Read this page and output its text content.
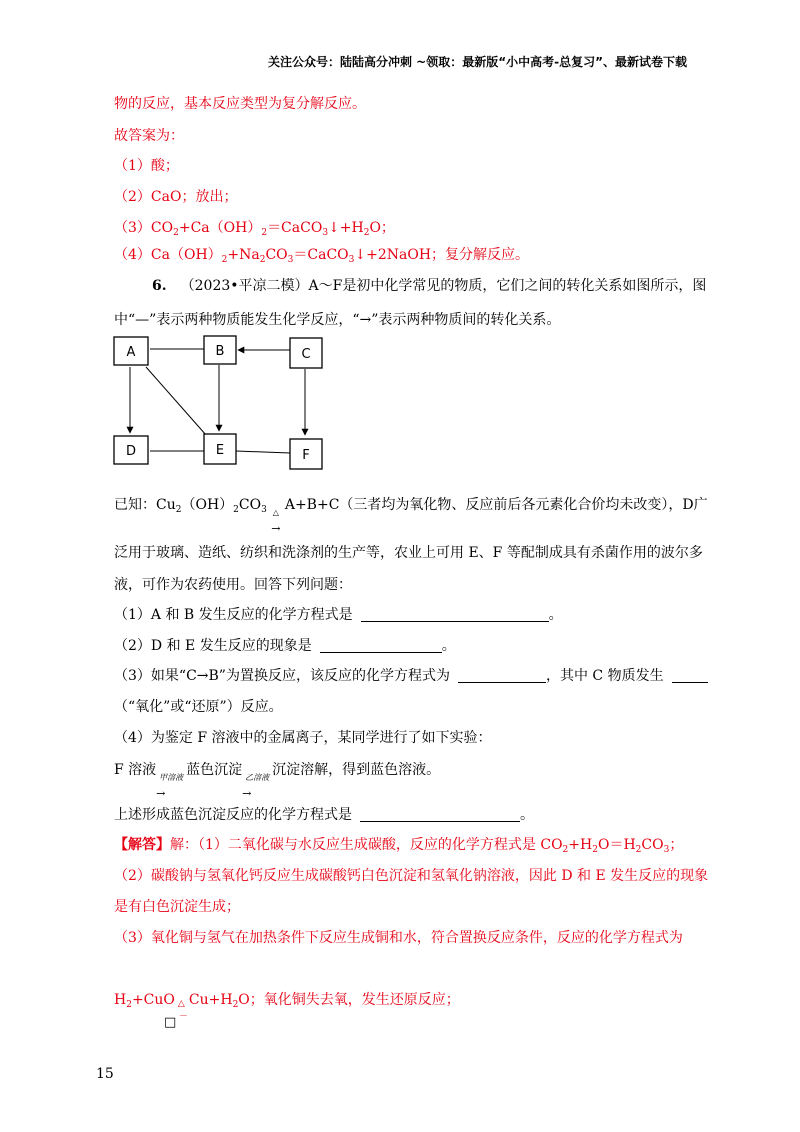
关注公众号：陆陆高分冲刺 ~领取：最新版“小中高考-总复习”、最新试卷下载
物的反应，基本反应类型为复分解反应。
故答案为：
（1）酸；
（2）CaO；放出；
$(3)CO_2+Ca(OH)_2=CaCO_3↓+H_2O$；
$(4)Ca(OH)_2+Na_2CO_3=CaCO_3↓+2NaOH$；复分解反应。
6. （2023•平凉二模）A～F是初中化学常见的物质，它们之间的转化关系如图所示，图
中“—”表示两种物质能发生化学反应，“→”表示两种物质间的转化关系。
A	B	C
D	E	F
已知：$Cu_2(OH)_2CO_3$ △
→
A+B+C（三者均为氧化物、反应前后各元素化合价均未改变），D广
泛用于玻璃、造纸、纺织和洗涤剂的生产等，农业上可用 E、F 等配制成具有杀菌作用的波尔多
液，可作为农药使用。回答下列问题：
（1）A 和 B 发生反应的化学方程式是	。
（2）D 和 E 发生反应的现象是	。
（3）如果“C→B”为置换反应，该反应的化学方程式为	，其中 C 物质发生
（“氧化”或“还原”）反应。
（4）为鉴定 F 溶液中的金属离子，某同学进行了如下实验：
F 溶液 甲溶液
→
蓝色沉淀 乙溶液
→
沉淀溶解，得到蓝色溶液。
上述形成蓝色沉淀反应的化学方程式是	。
【解答】解：（1）二氧化碳与水反应生成碳酸，反应的化学方程式是 $CO_2+H_2O=H_2CO_3$；
（2）碳酸钠与氢氧化钙反应生成碳酸钙白色沉淀和氢氧化钠溶液，因此 D 和 E 发生反应的现象
是有白色沉淀生成；
（3）氧化铜与氢气在加热条件下反应生成铜和水，符合置换反应条件，反应的化学方程式为
$H_2+CuO$ △
－
$Cu+H_2O$；氧化铜失去氧，发生还原反应；
□
15
